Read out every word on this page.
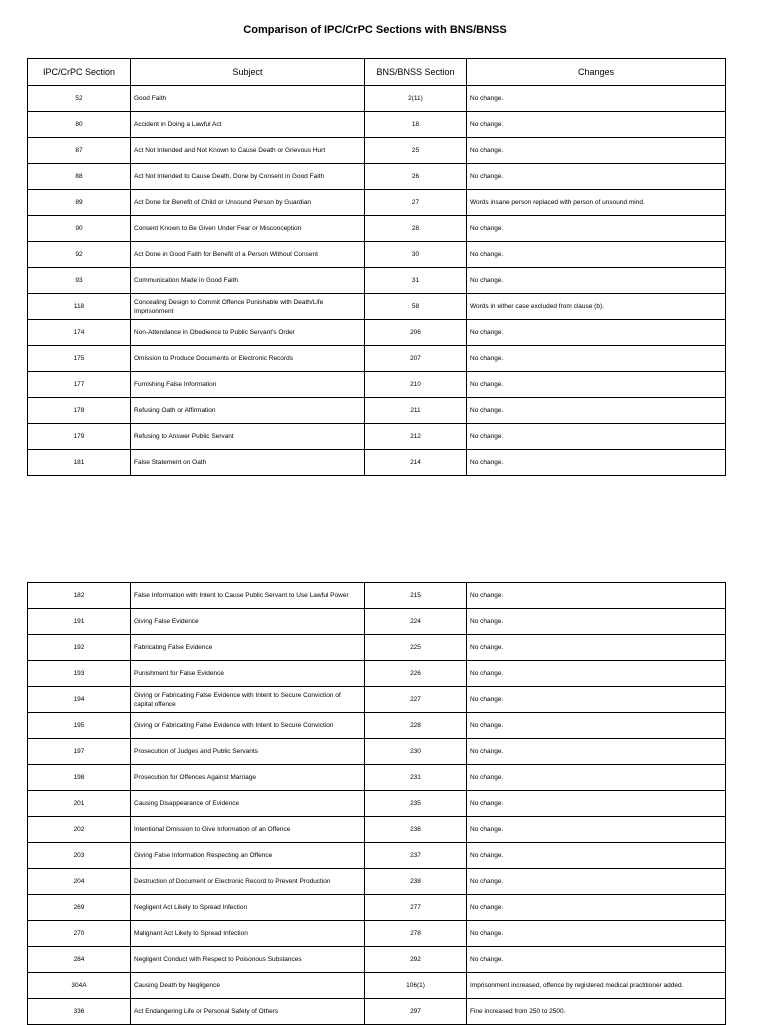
Comparison of IPC/CrPC Sections with BNS/BNSS
IPC/CrPC Section	Subject	BNS/BNSS Section	Changes
52	Good Faith	2(11)	No change.
80	Accident in Doing a Lawful Act	18	No change.
87	Act Not Intended and Not Known to Cause Death or Grievous Hurt	25	No change.
88	Act Not Intended to Cause Death, Done by Consent in Good Faith	26	No change.
89	Act Done for Benefit of Child or Unsound Person by Guardian	27	Words insane person replaced with person of unsound mind.
90	Consent Known to Be Given Under Fear or Misconception	28	No change.
92	Act Done in Good Faith for Benefit of a Person Without Consent	30	No change.
93	Communication Made in Good Faith	31	No change.
118	Concealing Design to Commit Offence Punishable with Death/Life Imprisonment	58	Words in either case excluded from clause (b).
174	Non-Attendance in Obedience to Public Servant's Order	206	No change.
175	Omission to Produce Documents or Electronic Records	207	No change.
177	Furnishing False Information	210	No change.
178	Refusing Oath or Affirmation	211	No change.
179	Refusing to Answer Public Servant	212	No change.
181	False Statement on Oath	214	No change.
182	False Information with Intent to Cause Public Servant to Use Lawful Power	215	No change.
191	Giving False Evidence	224	No change.
192	Fabricating False Evidence	225	No change.
193	Punishment for False Evidence	226	No change.
194	Giving or Fabricating False Evidence with Intent to Secure Conviction of capital offence	227	No change.
195	Giving or Fabricating False Evidence with Intent to Secure Conviction	228	No change.
197	Prosecution of Judges and Public Servants	230	No change.
198	Prosecution for Offences Against Marriage	231	No change.
201	Causing Disappearance of Evidence	235	No change.
202	Intentional Omission to Give Information of an Offence	236	No change.
203	Giving False Information Respecting an Offence	237	No change.
204	Destruction of Document or Electronic Record to Prevent Production	238	No change.
269	Negligent Act Likely to Spread Infection	277	No change.
270	Malignant Act Likely to Spread Infection	278	No change.
284	Negligent Conduct with Respect to Poisonous Substances	292	No change.
304A	Causing Death by Negligence	106(1)	Imprisonment increased, offence by registered medical practitioner added.
336	Act Endangering Life or Personal Safety of Others	297	Fine increased from 250 to 2500.
